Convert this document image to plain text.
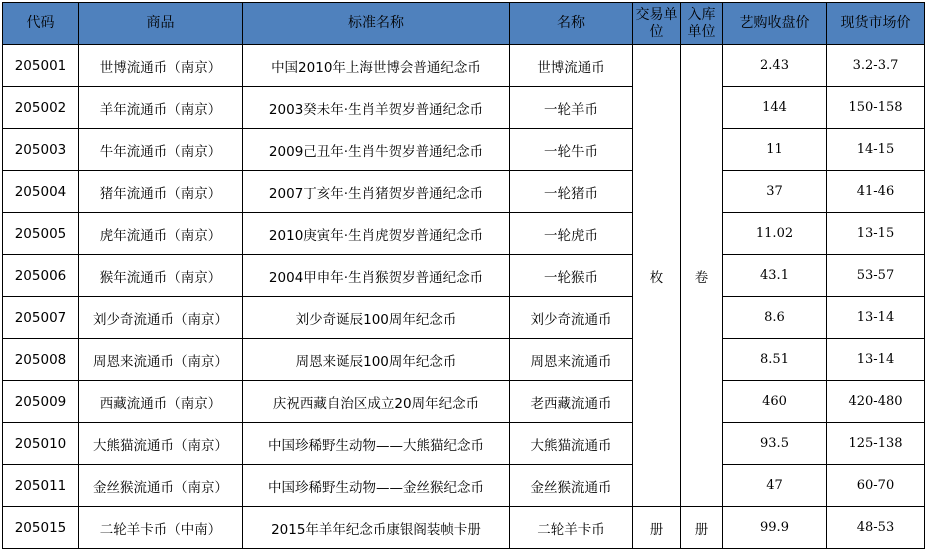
代码	商品	标准名称	名称	交易单位	入库单位	艺购收盘价	现货市场价
205001	世博流通币（南京）	中国2010年上海世博会普通纪念币	世博流通币	枚	卷	2.43	3.2-3.7
205002	羊年流通币（南京）	2003癸未年·生肖羊贺岁普通纪念币	一轮羊币			144	150-158
205003	牛年流通币（南京）	2009己丑年·生肖牛贺岁普通纪念币	一轮牛币			11	14-15
205004	猪年流通币（南京）	2007丁亥年·生肖猪贺岁普通纪念币	一轮猪币			37	41-46
205005	虎年流通币（南京）	2010庚寅年·生肖虎贺岁普通纪念币	一轮虎币			11.02	13-15
205006	猴年流通币（南京）	2004甲申年·生肖猴贺岁普通纪念币	一轮猴币			43.1	53-57
205007	刘少奇流通币（南京）	刘少奇诞辰100周年纪念币	刘少奇流通币			8.6	13-14
205008	周恩来流通币（南京）	周恩来诞辰100周年纪念币	周恩来流通币			8.51	13-14
205009	西藏流通币（南京）	庆祝西藏自治区成立20周年纪念币	老西藏流通币			460	420-480
205010	大熊猫流通币（南京）	中国珍稀野生动物——大熊猫纪念币	大熊猫流通币			93.5	125-138
205011	金丝猴流通币（南京）	中国珍稀野生动物——金丝猴纪念币	金丝猴流通币			47	60-70
205015	二轮羊卡币（中南）	2015年羊年纪念币康银阁装帧卡册	二轮羊卡币	册	册	99.9	48-53
